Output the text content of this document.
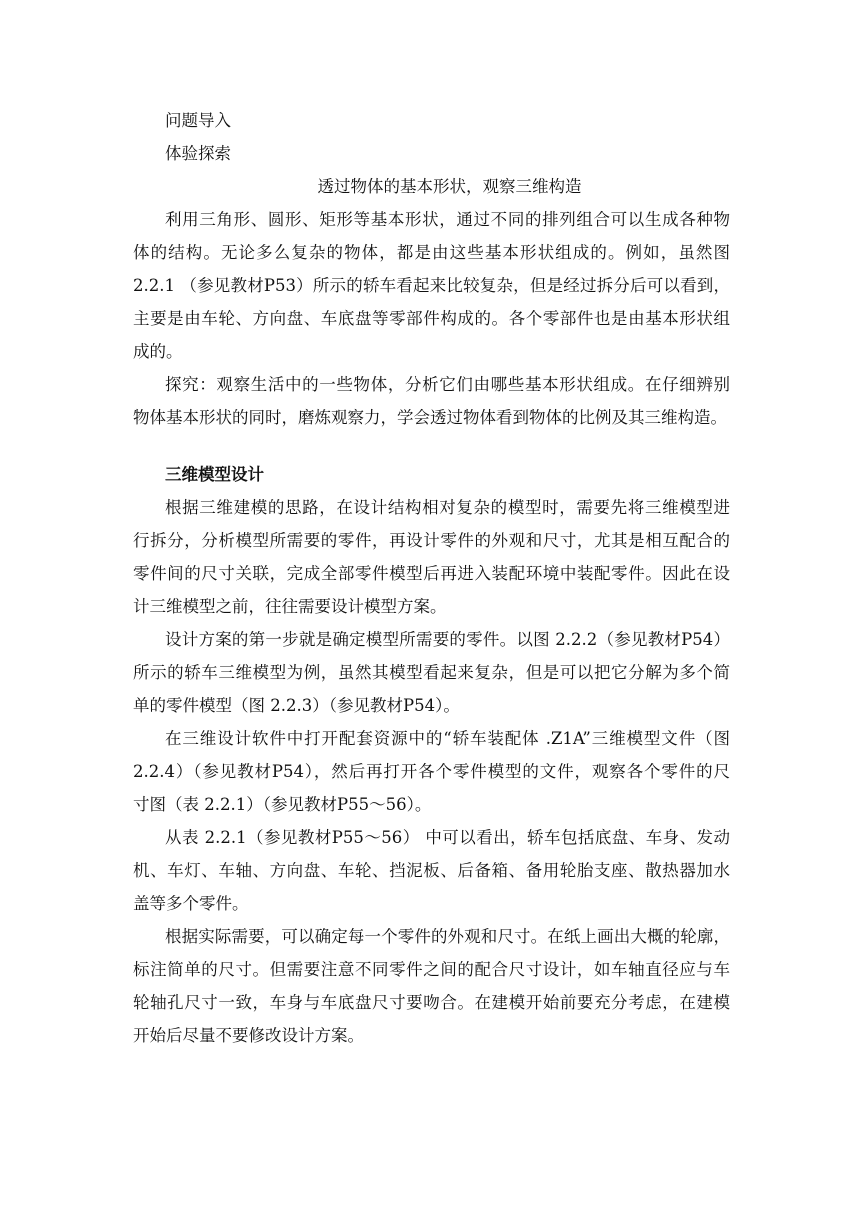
问题导入

体验探索

透过物体的基本形状，观察三维构造

利用三角形、圆形、矩形等基本形状，通过不同的排列组合可以生成各种物

体的结构。无论多么复杂的物体，都是由这些基本形状组成的。例如，虽然图

2.2.1 （参见教材P53）所示的轿车看起来比较复杂，但是经过拆分后可以看到，

主要是由车轮、方向盘、车底盘等零部件构成的。各个零部件也是由基本形状组

成的。

探究：观察生活中的一些物体，分析它们由哪些基本形状组成。在仔细辨别

物体基本形状的同时，磨炼观察力，学会透过物体看到物体的比例及其三维构造。

三维模型设计

根据三维建模的思路，在设计结构相对复杂的模型时，需要先将三维模型进

行拆分，分析模型所需要的零件，再设计零件的外观和尺寸，尤其是相互配合的

零件间的尺寸关联，完成全部零件模型后再进入装配环境中装配零件。因此在设

计三维模型之前，往往需要设计模型方案。

设计方案的第一步就是确定模型所需要的零件。以图 2.2.2（参见教材P54）

所示的轿车三维模型为例，虽然其模型看起来复杂，但是可以把它分解为多个简

单的零件模型（图 2.2.3）（参见教材P54）。

在三维设计软件中打开配套资源中的“轿车装配体 .Z1A”三维模型文件（图

2.2.4）（参见教材P54），然后再打开各个零件模型的文件，观察各个零件的尺

寸图（表 2.2.1）（参见教材P55～56）。

从表 2.2.1（参见教材P55～56） 中可以看出，轿车包括底盘、车身、发动

机、车灯、车轴、方向盘、车轮、挡泥板、后备箱、备用轮胎支座、散热器加水

盖等多个零件。

根据实际需要，可以确定每一个零件的外观和尺寸。在纸上画出大概的轮廓，

标注简单的尺寸。但需要注意不同零件之间的配合尺寸设计，如车轴直径应与车

轮轴孔尺寸一致，车身与车底盘尺寸要吻合。在建模开始前要充分考虑，在建模

开始后尽量不要修改设计方案。
